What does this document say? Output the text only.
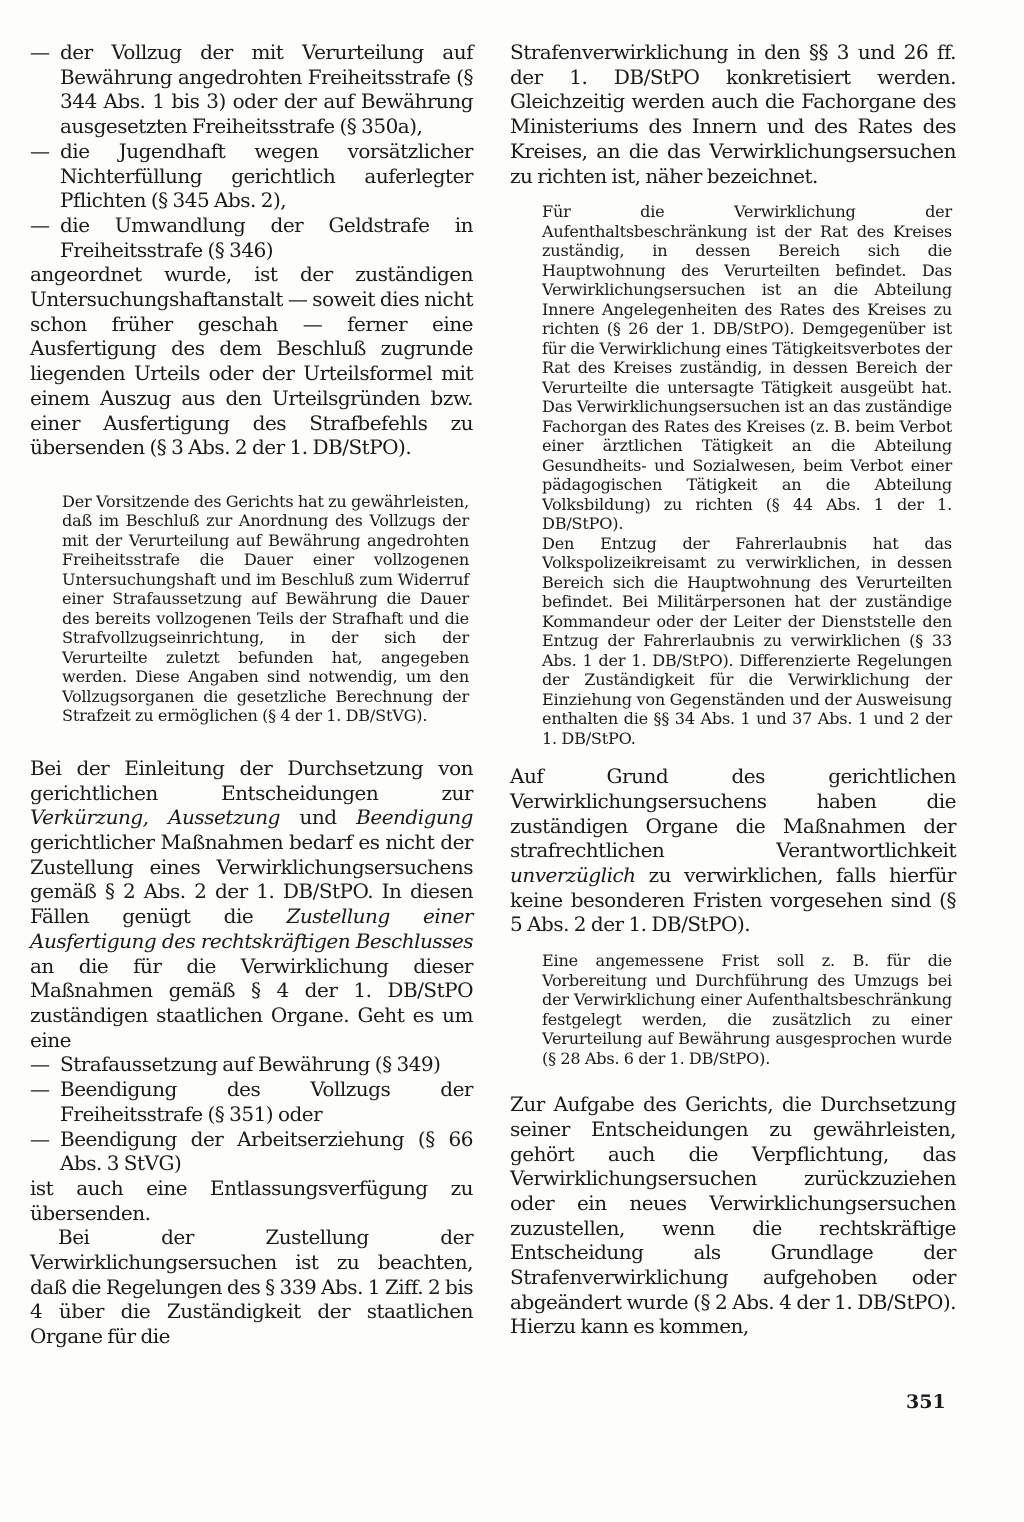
— der Vollzug der mit Verurteilung auf Bewährung angedrohten Freiheitsstrafe (§ 344 Abs. 1 bis 3) oder der auf Bewährung ausgesetzten Freiheitsstrafe (§ 350a),
— die Jugendhaft wegen vorsätzlicher Nichterfüllung gerichtlich auferlegter Pflichten (§ 345 Abs. 2),
— die Umwandlung der Geldstrafe in Freiheitsstrafe (§ 346)

angeordnet wurde, ist der zuständigen Untersuchungshaftanstalt — soweit dies nicht schon früher geschah — ferner eine Ausfertigung des dem Beschluß zugrunde liegenden Urteils oder der Urteilsformel mit einem Auszug aus den Urteilsgründen bzw. einer Ausfertigung des Strafbefehls zu übersenden (§ 3 Abs. 2 der 1. DB/StPO).

Der Vorsitzende des Gerichts hat zu gewährleisten, daß im Beschluß zur Anordnung des Vollzugs der mit der Verurteilung auf Bewährung angedrohten Freiheitsstrafe die Dauer einer vollzogenen Untersuchungshaft und im Beschluß zum Widerruf einer Strafaussetzung auf Bewährung die Dauer des bereits vollzogenen Teils der Strafhaft und die Strafvollzugseinrichtung, in der sich der Verurteilte zuletzt befunden hat, angegeben werden. Diese Angaben sind notwendig, um den Vollzugsorganen die gesetzliche Berechnung der Strafzeit zu ermöglichen (§ 4 der 1. DB/StVG).

Bei der Einleitung der Durchsetzung von gerichtlichen Entscheidungen zur Verkürzung, Aussetzung und Beendigung gerichtlicher Maßnahmen bedarf es nicht der Zustellung eines Verwirklichungsersuchens gemäß § 2 Abs. 2 der 1. DB/StPO. In diesen Fällen genügt die Zustellung einer Ausfertigung des rechtskräftigen Beschlusses an die für die Verwirklichung dieser Maßnahmen gemäß § 4 der 1. DB/StPO zuständigen staatlichen Organe. Geht es um eine

— Strafaussetzung auf Bewährung (§ 349)
— Beendigung des Vollzugs der Freiheitsstrafe (§ 351) oder
— Beendigung der Arbeitserziehung (§ 66 Abs. 3 StVG)

ist auch eine Entlassungsverfügung zu übersenden.

Bei der Zustellung der Verwirklichungsersuchen ist zu beachten, daß die Regelungen des § 339 Abs. 1 Ziff. 2 bis 4 über die Zuständigkeit der staatlichen Organe für die

Strafenverwirklichung in den §§ 3 und 26 ff. der 1. DB/StPO konkretisiert werden. Gleichzeitig werden auch die Fachorgane des Ministeriums des Innern und des Rates des Kreises, an die das Verwirklichungsersuchen zu richten ist, näher bezeichnet.

Für die Verwirklichung der Aufenthaltsbeschränkung ist der Rat des Kreises zuständig, in dessen Bereich sich die Hauptwohnung des Verurteilten befindet. Das Verwirklichungsersuchen ist an die Abteilung Innere Angelegenheiten des Rates des Kreises zu richten (§ 26 der 1. DB/StPO). Demgegenüber ist für die Verwirklichung eines Tätigkeitsverbotes der Rat des Kreises zuständig, in dessen Bereich der Verurteilte die untersagte Tätigkeit ausgeübt hat. Das Verwirklichungsersuchen ist an das zuständige Fachorgan des Rates des Kreises (z. B. beim Verbot einer ärztlichen Tätigkeit an die Abteilung Gesundheits- und Sozialwesen, beim Verbot einer pädagogischen Tätigkeit an die Abteilung Volksbildung) zu richten (§ 44 Abs. 1 der 1. DB/StPO).

Den Entzug der Fahrerlaubnis hat das Volkspolizeikreisamt zu verwirklichen, in dessen Bereich sich die Hauptwohnung des Verurteilten befindet. Bei Militärpersonen hat der zuständige Kommandeur oder der Leiter der Dienststelle den Entzug der Fahrerlaubnis zu verwirklichen (§ 33 Abs. 1 der 1. DB/StPO). Differenzierte Regelungen der Zuständigkeit für die Verwirklichung der Einziehung von Gegenständen und der Ausweisung enthalten die §§ 34 Abs. 1 und 37 Abs. 1 und 2 der 1. DB/StPO.

Auf Grund des gerichtlichen Verwirklichungsersuchens haben die zuständigen Organe die Maßnahmen der strafrechtlichen Verantwortlichkeit unverzüglich zu verwirklichen, falls hierfür keine besonderen Fristen vorgesehen sind (§ 5 Abs. 2 der 1. DB/StPO).

Eine angemessene Frist soll z. B. für die Vorbereitung und Durchführung des Umzugs bei der Verwirklichung einer Aufenthaltsbeschränkung festgelegt werden, die zusätzlich zu einer Verurteilung auf Bewährung ausgesprochen wurde (§ 28 Abs. 6 der 1. DB/StPO).

Zur Aufgabe des Gerichts, die Durchsetzung seiner Entscheidungen zu gewährleisten, gehört auch die Verpflichtung, das Verwirklichungsersuchen zurückzuziehen oder ein neues Verwirklichungsersuchen zuzustellen, wenn die rechtskräftige Entscheidung als Grundlage der Strafenverwirklichung aufgehoben oder abgeändert wurde (§ 2 Abs. 4 der 1. DB/StPO). Hierzu kann es kommen,

351
